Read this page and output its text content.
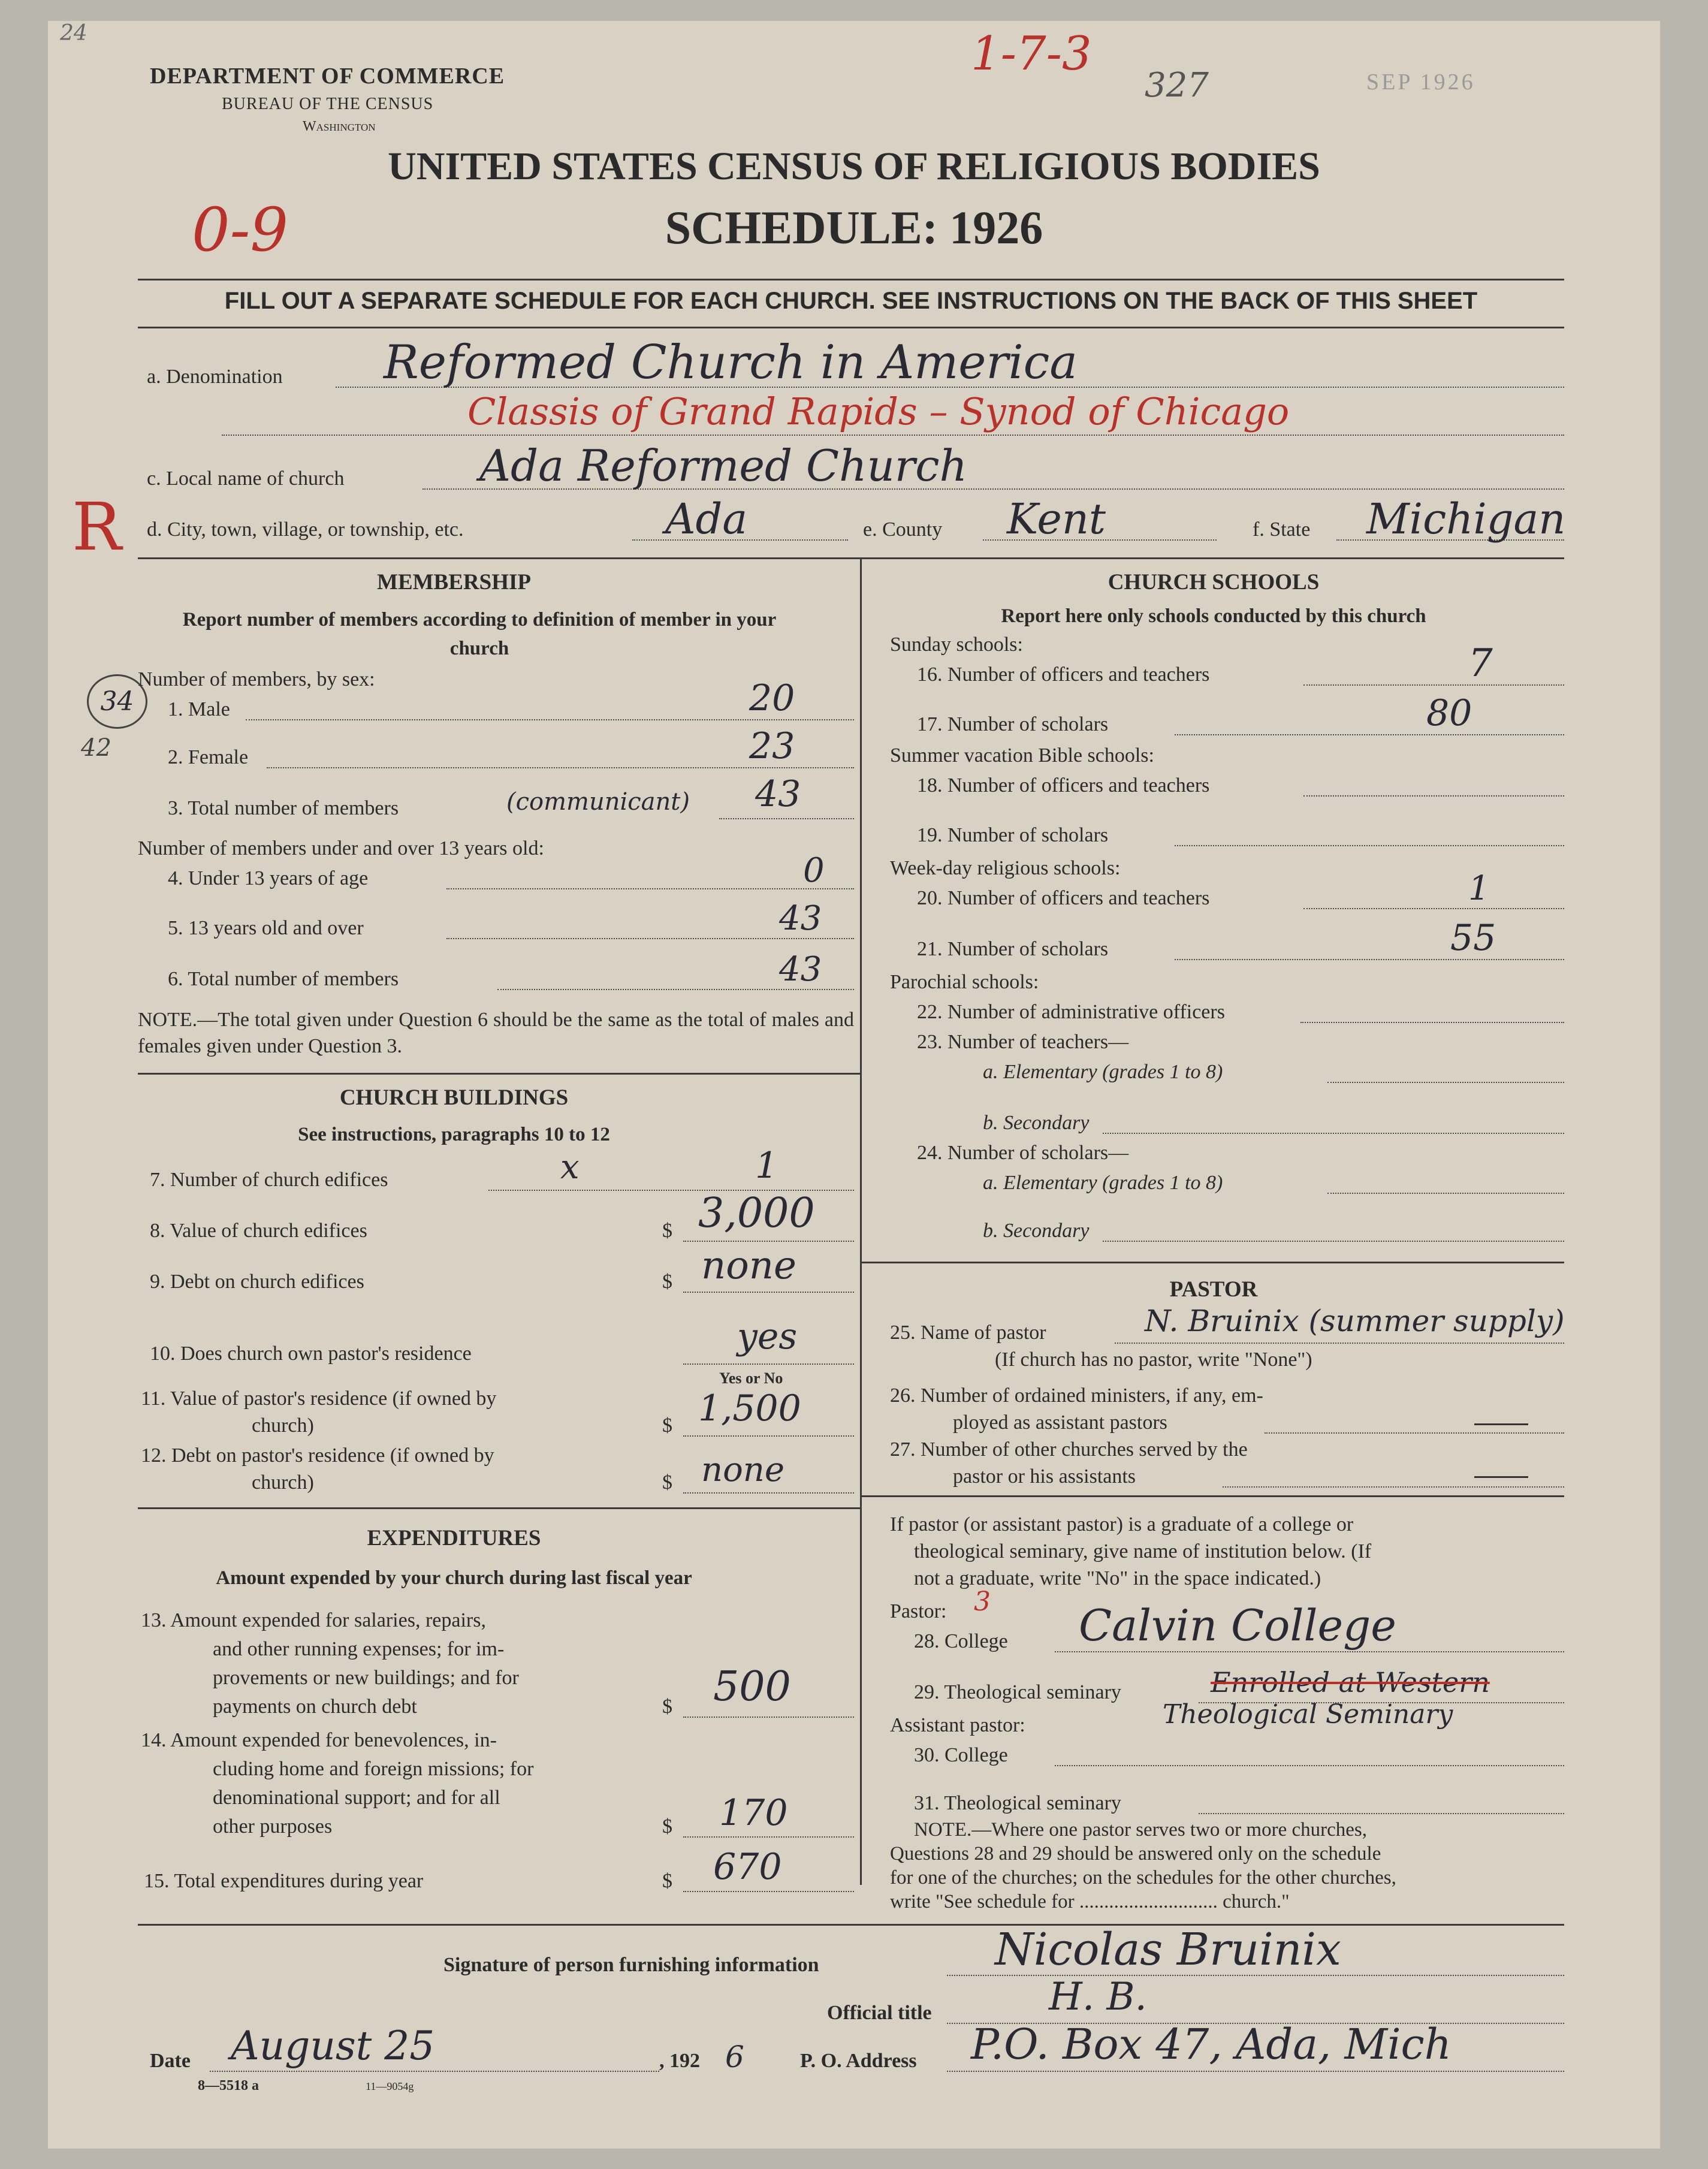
24	1-7-3
327	SEP 1926
0-9
R
34
42
DEPARTMENT OF COMMERCE
BUREAU OF THE CENSUS
Washington
UNITED STATES CENSUS OF RELIGIOUS BODIES
SCHEDULE: 1926
FILL OUT A SEPARATE SCHEDULE FOR EACH CHURCH. SEE INSTRUCTIONS ON THE BACK OF THIS SHEET
a. Denomination Reformed Church in America
Classis of Grand Rapids – Synod of Chicago
c. Local name of church	Ada Reformed Church
d. City, town, village, or township, etc.	Ada	e. County Kent	f. State Michigan
MEMBERSHIP
Report number of members according to definition of member in your church
Number of members, by sex:
1. Male	20
2. Female	23
3. Total number of members	(communicant) 43
Number of members under and over 13 years old:
4. Under 13 years of age	0
5. 13 years old and over	43
6. Total number of members	43
NOTE.—The total given under Question 6 should be the same as the total of males and females given under Question 3.
CHURCH BUILDINGS
See instructions, paragraphs 10 to 12
7. Number of church edifices	x	1
8. Value of church edifices	$ 3,000
9. Debt on church edifices	$ none
10. Does church own pastor's residence	yes
Yes or No
11. Value of pastor's residence (if owned by
church)	$ 1,500
12. Debt on pastor's residence (if owned by
church)	$ none
EXPENDITURES
Amount expended by your church during last fiscal year
13. Amount expended for salaries, repairs,
and other running expenses; for im-
provements or new buildings; and for
payments on church debt	$ 500
14. Amount expended for benevolences, in-
cluding home and foreign missions; for
denominational support; and for all
other purposes	$ 170
15. Total expenditures during year	$ 670
CHURCH SCHOOLS
Report here only schools conducted by this church
Sunday schools:
16. Number of officers and teachers	7
17. Number of scholars	80
Summer vacation Bible schools:
18. Number of officers and teachers
19. Number of scholars
Week-day religious schools:
20. Number of officers and teachers	1
21. Number of scholars	55
Parochial schools:
22. Number of administrative officers
23. Number of teachers—
a. Elementary (grades 1 to 8)
b. Secondary
24. Number of scholars—
a. Elementary (grades 1 to 8)
b. Secondary
PASTOR
25. Name of pastor	N. Bruinix (summer supply)
(If church has no pastor, write "None")
26. Number of ordained ministers, if any, em-
ployed as assistant pastors
27. Number of other churches served by the
pastor or his assistants
If pastor (or assistant pastor) is a graduate of a college or
theological seminary, give name of institution below. (If
not a graduate, write "No" in the space indicated.)
Pastor: 3
28. College Calvin College
29. Theological seminary	Enrolled at Western
Theological Seminary
Assistant pastor:
30. College
31. Theological seminary
NOTE.—Where one pastor serves two or more churches,
Questions 28 and 29 should be answered only on the schedule
for one of the churches; on the schedules for the other churches,
write "See schedule for ............................ church."
Signature of person furnishing information	Nicolas Bruinix
Official title	H. B.
Date August 25	, 192 6	P. O. Address P.O. Box 47, Ada, Mich
8—5518 a	11—9054g
